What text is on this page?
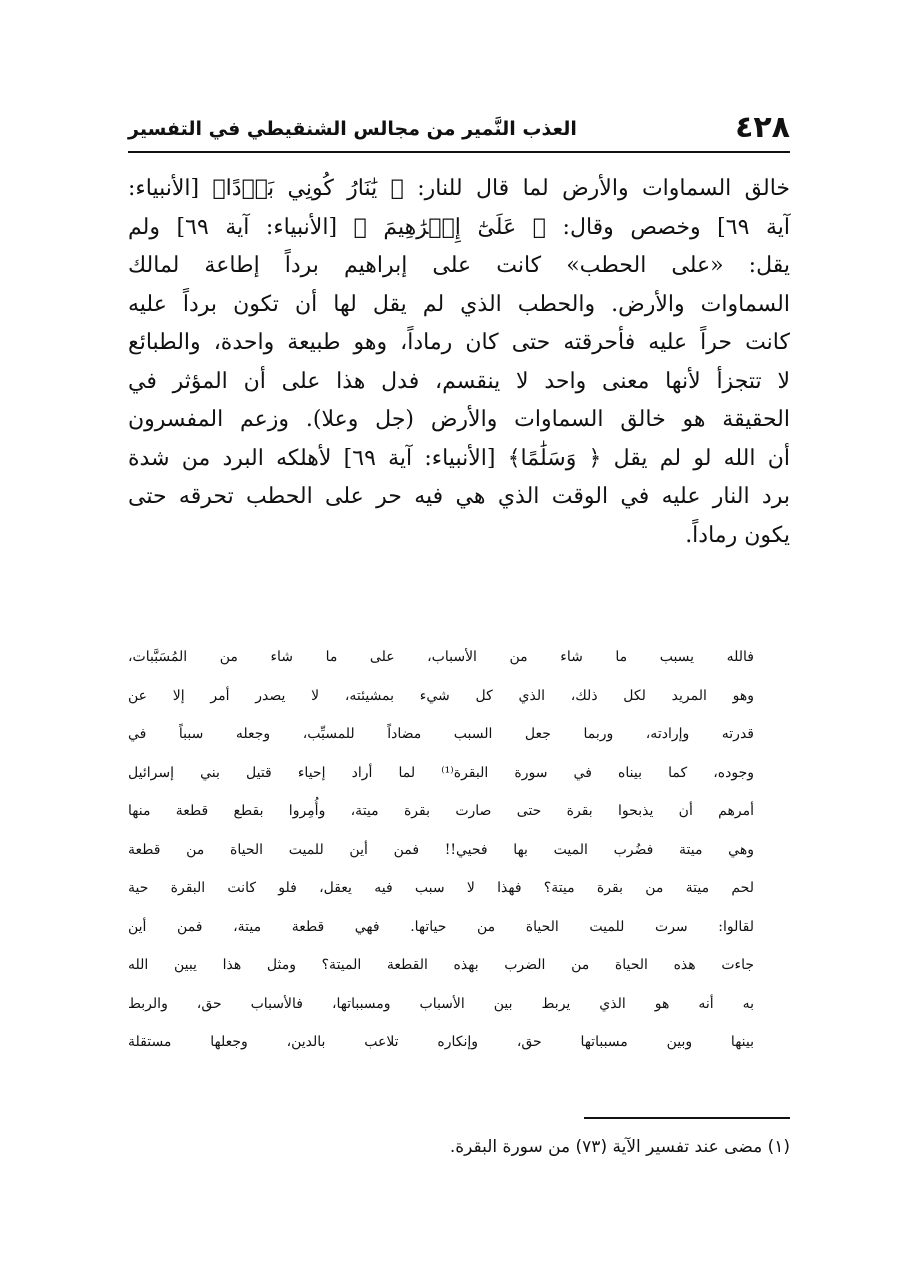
٤٢٨
العذب النَّمير من مجالس الشنقيطي في التفسير
خالق السماوات والأرض لما قال للنار: ﴿ يَٰنَارُ كُونِي بَرۡدًا﴾ [الأنبياء:
آية ٦٩] وخصص وقال: ﴿ عَلَىٰٓ إِبۡرَٰهِيمَ ﴾ [الأنبياء: آية ٦٩] ولم
يقل: «على الحطب» كانت على إبراهيم برداً إطاعة لمالك
السماوات والأرض. والحطب الذي لم يقل لها أن تكون برداً عليه
كانت حراً عليه فأحرقته حتى كان رماداً، وهو طبيعة واحدة، والطبائع
لا تتجزأ لأنها معنى واحد لا ينقسم، فدل هذا على أن المؤثر في
الحقيقة هو خالق السماوات والأرض (جل وعلا). وزعم المفسرون
أن الله لو لم يقل ﴿ وَسَلَٰمًا﴾ [الأنبياء: آية ٦٩] لأهلكه البرد من شدة
برد النار عليه في الوقت الذي هي فيه حر على الحطب تحرقه حتى
يكون رماداً.
فالله يسبب ما شاء من الأسباب، على ما شاء من المُسَبَّبات،
وهو المريد لكل ذلك، الذي كل شيء بمشيئته، لا يصدر أمر إلا عن
قدرته وإرادته، وربما جعل السبب مضاداً للمسبِّب، وجعله سبباً في
وجوده، كما بيناه في سورة البقرة⁽¹⁾ لما أراد إحياء قتيل بني إسرائيل
أمرهم أن يذبحوا بقرة حتى صارت بقرة ميتة، وأُمِروا بقطع قطعة منها
وهي ميتة فضُرب الميت بها فحيي!! فمن أين للميت الحياة من قطعة
لحم ميتة من بقرة ميتة؟ فهذا لا سبب فيه يعقل، فلو كانت البقرة حية
لقالوا: سرت للميت الحياة من حياتها. فهي قطعة ميتة، فمن أين
جاءت هذه الحياة من الضرب بهذه القطعة الميتة؟ ومثل هذا يبين الله
به أنه هو الذي يربط بين الأسباب ومسبباتها، فالأسباب حق، والربط
بينها وبين مسبباتها حق، وإنكاره تلاعب بالدين، وجعلها مستقلة
(١) مضى عند تفسير الآية (٧٣) من سورة البقرة.
